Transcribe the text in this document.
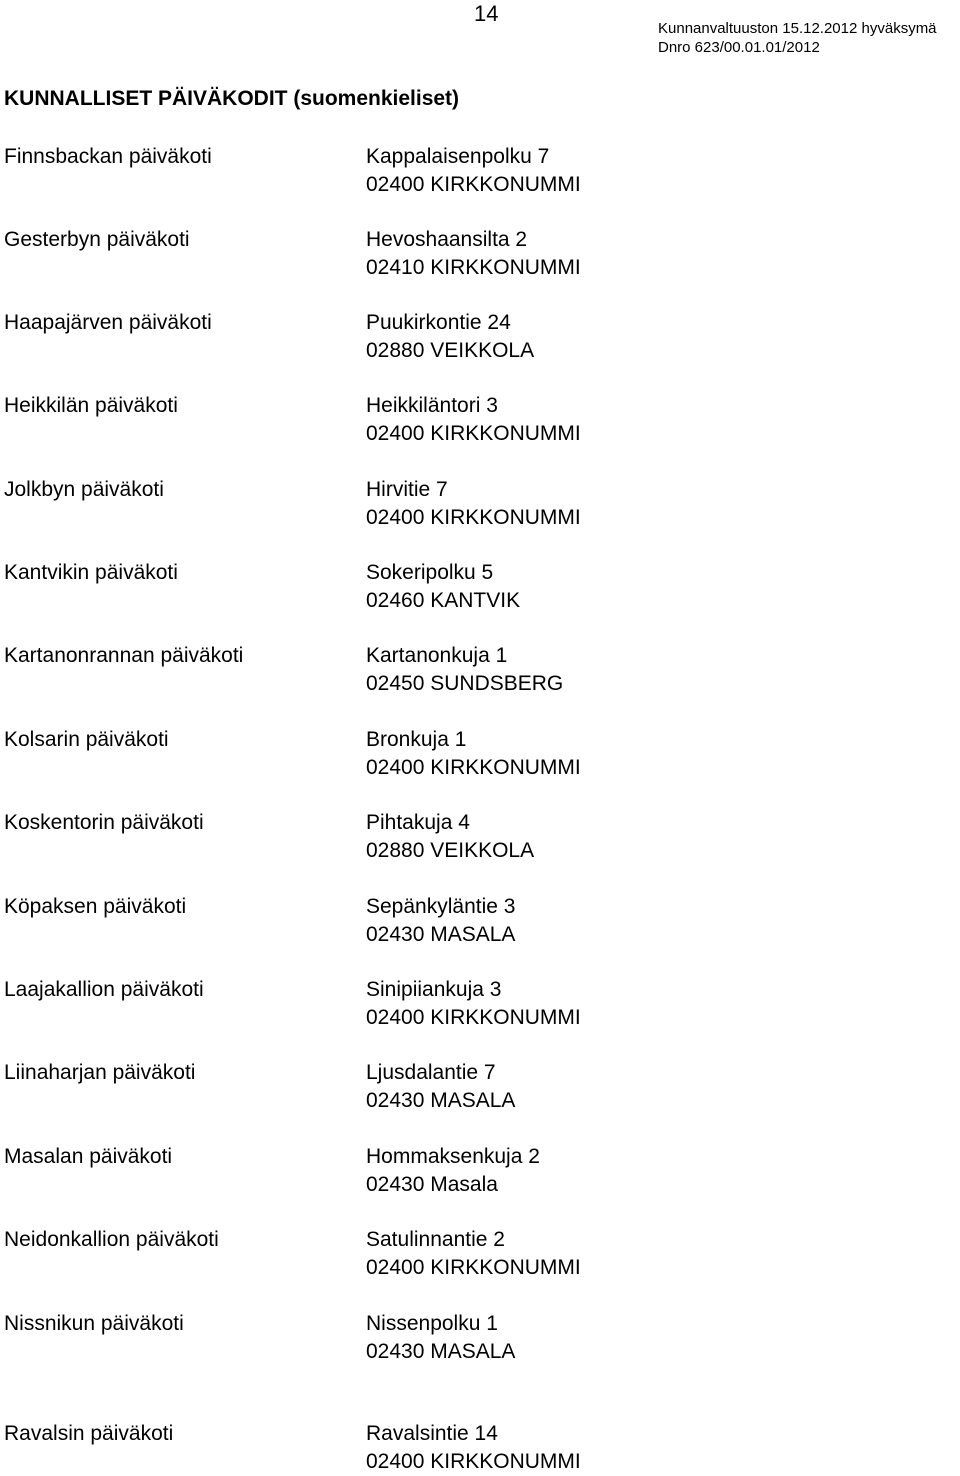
14
Kunnanvaltuuston 15.12.2012 hyväksymä
Dnro 623/00.01.01/2012
KUNNALLISET PÄIVÄKODIT (suomenkieliset)
Finnsbackan päiväkoti	Kappalaisenpolku 7
02400 KIRKKONUMMI
Gesterbyn päiväkoti	Hevoshaansilta 2
02410 KIRKKONUMMI
Haapajärven päiväkoti	Puukirkontie 24
02880 VEIKKOLA
Heikkilän päiväkoti	Heikkiläntori 3
02400 KIRKKONUMMI
Jolkbyn päiväkoti	Hirvitie 7
02400 KIRKKONUMMI
Kantvikin päiväkoti	Sokeripolku 5
02460 KANTVIK
Kartanonrannan päiväkoti	Kartanonkuja 1
02450 SUNDSBERG
Kolsarin päiväkoti	Bronkuja 1
02400 KIRKKONUMMI
Koskentorin päiväkoti	Pihtakuja 4
02880 VEIKKOLA
Köpaksen päiväkoti	Sepänkyläntie 3
02430 MASALA
Laajakallion päiväkoti	Sinipiiankuja 3
02400 KIRKKONUMMI
Liinaharjan päiväkoti	Ljusdalantie 7
02430 MASALA
Masalan päiväkoti	Hommaksenkuja 2
02430 Masala
Neidonkallion päiväkoti	Satulinnantie 2
02400 KIRKKONUMMI
Nissnikun päiväkoti	Nissenpolku 1
02430 MASALA
Ravalsin päiväkoti	Ravalsintie 14
02400 KIRKKONUMMI
